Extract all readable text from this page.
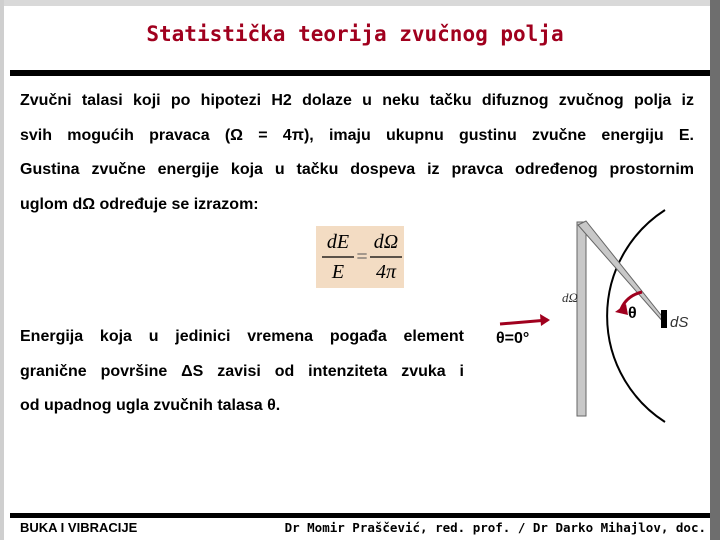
Statistička teorija zvučnog polja

Zvučni talasi koji po hipotezi H2 dolaze u neku tačku difuznog zvučnog polja iz
svih mogućih pravaca (Ω = 4π), imaju ukupnu gustinu zvučne energiju E.
Gustina zvučne energije koja u tačku dospeva iz pravca određenog prostornim
uglom dΩ određuje se izrazom:

dE
E
dΩ
4π
=

Energija koja u jedinici vremena pogađa element
granične površine ΔS zavisi od intenziteta zvuka i
od upadnog ugla zvučnih talasa θ.

dΩ
dS
θ
θ=0°
BUKA I VIBRACIJE	Dr Momir Praščević, red. prof. / Dr Darko Mihajlov, doc.
